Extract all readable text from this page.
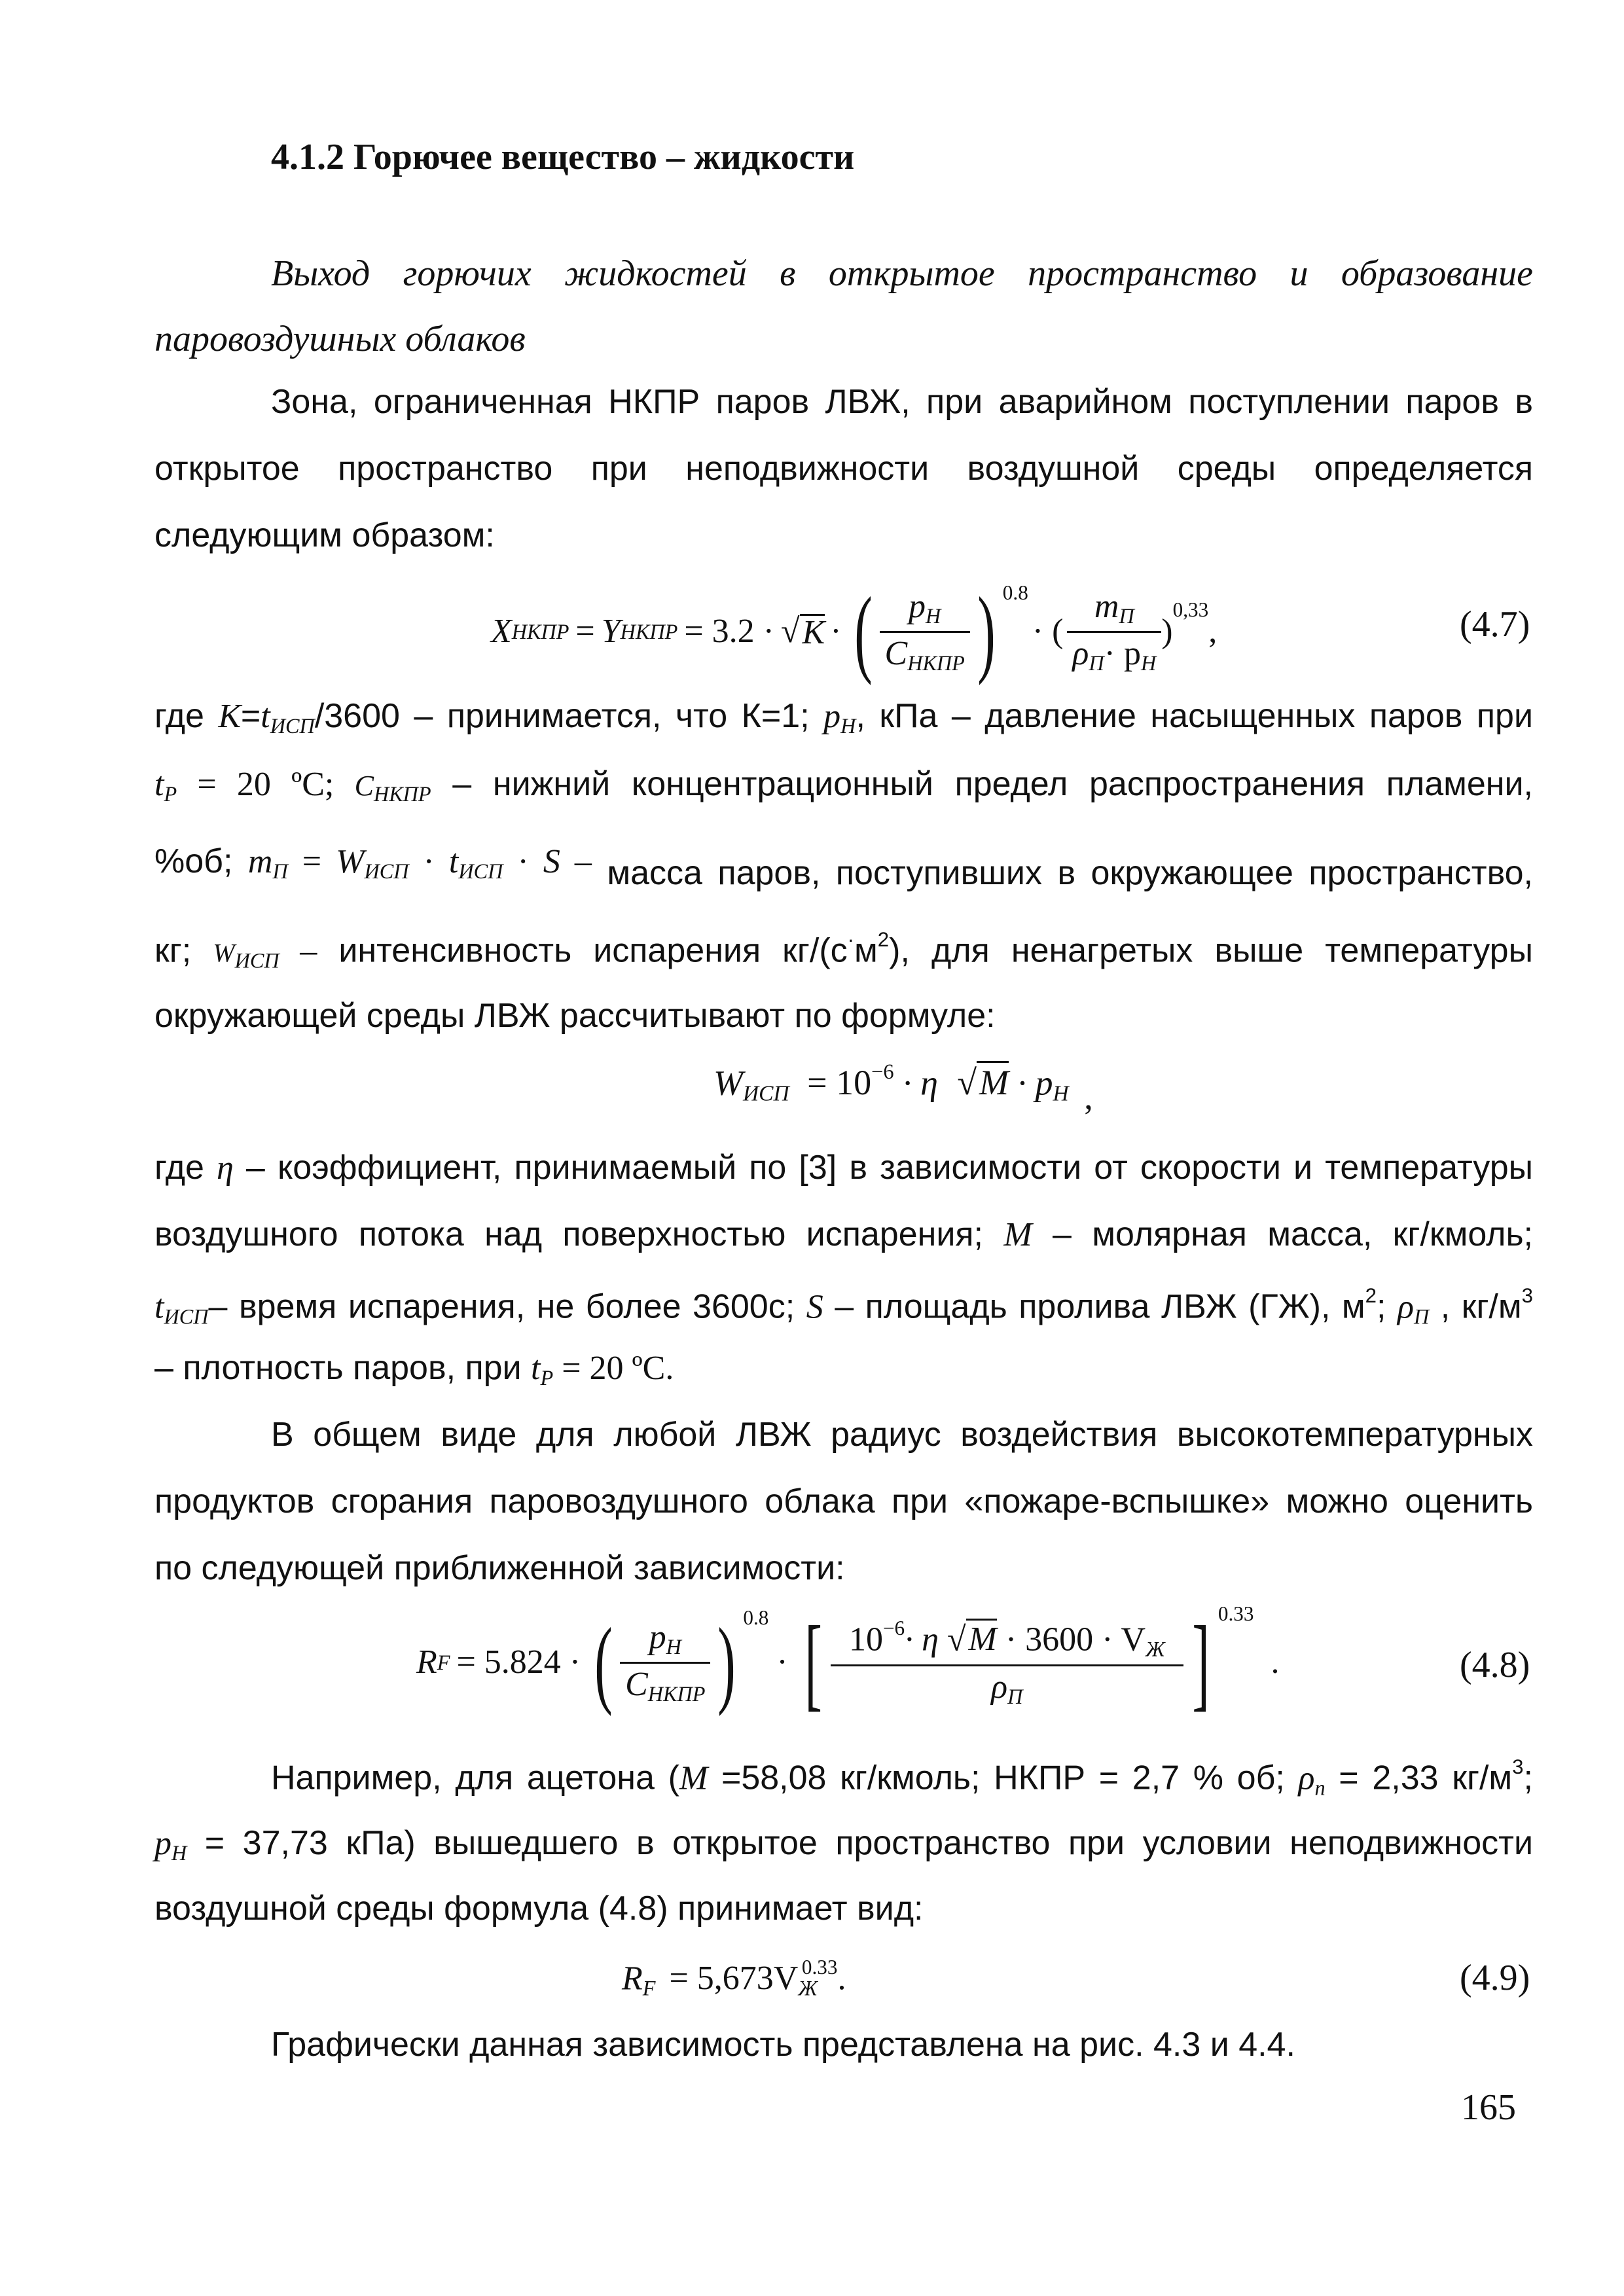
4.1.2 Горючее вещество – жидкости
Выход горючих жидкостей в открытое пространство и образование
паровоздушных облаков
Зона, ограниченная НКПР паров ЛВЖ, при аварийном поступлении паров в
открытое пространство при неподвижности воздушной среды определяется
следующим образом:
X НКПР = Y НКПР = 3.2 · √ K · ( $\frac{p_Н}{C_{НКПР}}$ ) 0.8
· ( $\frac{m_П}{\rho_П\cdot p_Н}$ )
0,33
,	(4.7)
где $К=t_{ИСП}/3600$ – принимается, что К=1; $p_Н$, кПа – давление насыщенных паров при
$t_P = 20$ ºС; $C_{НКПР}$ – нижний концентрационный предел распространения пламени,
%об; $m_П = W_{ИСП} \cdot t_{ИСП} \cdot S$ – масса паров, поступивших в окружающее пространство,
кг; $W_{ИСП}$ – интенсивность испарения $кг/(с^\cdot м^2)$, для ненагретых выше температуры
окружающей среды ЛВЖ рассчитывают по формуле:
$W_{ИСП} = 10^{-6} \cdot \eta$ $√M \cdot p_Н$ ,
где η – коэффициент, принимаемый по [3] в зависимости от скорости и температуры
воздушного потока над поверхностью испарения; M – молярная масса, кг/кмоль;
$t_{ИСП}-$ время испарения, не более 3600с; S – площадь пролива ЛВЖ (ГЖ), $м^2$; $\rho_П$ , $кг/м^3$
– плотность паров, при $t_P = 20$ ºС.
В общем виде для любой ЛВЖ радиус воздействия высокотемпературных
продуктов сгорания паровоздушного облака при «пожаре-вспышке» можно оценить
по следующей приближенной зависимости:
R F = 5.824 · ( $\frac{p_Н}{C_{НКПР}}$ ) 0.8
· [ $\frac{10^{-6}\cdot \eta √M \cdot 3600 \cdot V_Ж}{\rho_П}$ ] 0.33
.	(4.8)
Например, для ацетона (M =58,08 кг/кмоль; НКПР = 2,7 % об; $\rho_п = 2,33$ $кг/м^3$;
$p_Н = 37,73$ кПа) вышедшего в открытое пространство при условии неподвижности
воздушной среды формула (4.8) принимает вид:
$R_F = 5,673V_Ж^{0.33}$.	(4.9)
Графически данная зависимость представлена на рис. 4.3 и 4.4.
165
